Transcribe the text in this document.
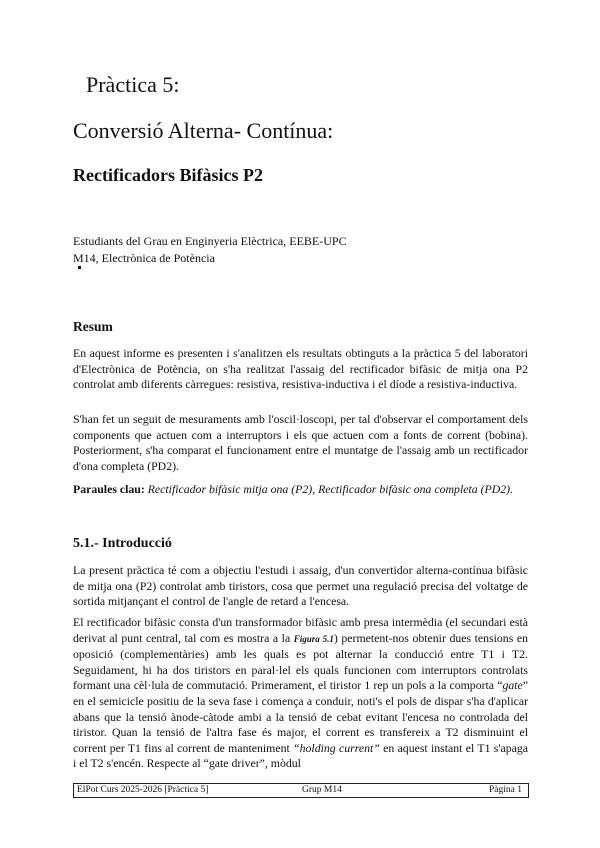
Pràctica 5:
Conversió Alterna- Contínua:
Rectificadors Bifàsics P2
Estudiants del Grau en Enginyeria Elèctrica, EEBE-UPC
M14, Electrònica de Potència
Resum
En aquest informe es presenten i s'analitzen els resultats obtinguts a la pràctica 5 del laboratori d'Electrònica de Potència, on s'ha realitzat l'assaig del rectificador bifàsic de mitja ona P2 controlat amb diferents càrregues: resistiva, resistiva-inductiva i el díode a resistiva-inductiva.
S'han fet un seguit de mesuraments amb l'oscil·loscopi, per tal d'observar el comportament dels components que actuen com a interruptors i els que actuen com a fonts de corrent (bobina). Posteriorment, s'ha comparat el funcionament entre el muntatge de l'assaig amb un rectificador d'ona completa (PD2).
Paraules clau: Rectificador bifàsic mitja ona (P2), Rectificador bifàsic ona completa (PD2).
5.1.- Introducció
La present pràctica té com a objectiu l'estudi i assaig, d'un convertidor alterna-contínua bifàsic de mitja ona (P2) controlat amb tiristors, cosa que permet una regulació precisa del voltatge de sortida mitjançant el control de l'angle de retard a l'encesa.
El rectificador bifàsic consta d'un transformador bifàsic amb presa intermèdia (el secundari està derivat al punt central, tal com es mostra a la Figura 5.1) permetent-nos obtenir dues tensions en oposició (complementàries) amb les quals es pot alternar la conducció entre T1 i T2. Seguidament, hi ha dos tiristors en paral·lel els quals funcionen com interruptors controlats formant una cèl·lula de commutació. Primerament, el tiristor 1 rep un pols a la comporta “gate” en el semicicle positiu de la seva fase i comença a conduir, noti's el pols de dispar s'ha d'aplicar abans que la tensió ànode-càtode ambi a la tensió de cebat evitant l'encesa no controlada del tiristor. Quan la tensió de l'altra fase és major, el corrent es transfereix a T2 disminuint el corrent per T1 fins al corrent de manteniment “holding current” en aquest instant el T1 s'apaga i el T2 s'encén. Respecte al “gate driver”, mòdul
ElPot Curs 2025-2026 [Pràctica 5]	Grup M14	Pàgina 1
